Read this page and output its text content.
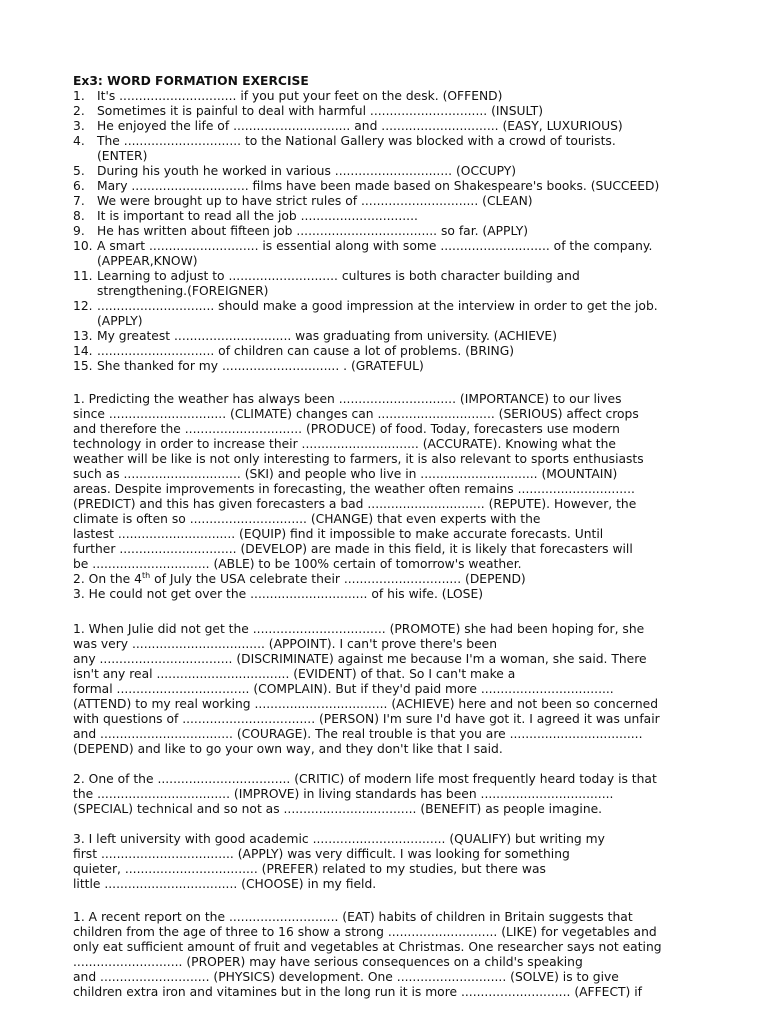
Ex3: WORD FORMATION EXERCISE
1. It's .............................. if you put your feet on the desk. (OFFEND)
2. Sometimes it is painful to deal with harmful .............................. (INSULT)
3. He enjoyed the life of .............................. and .............................. (EASY, LUXURIOUS)
4. The .............................. to the National Gallery was blocked with a crowd of tourists.
(ENTER)
5. During his youth he worked in various .............................. (OCCUPY)
6. Mary .............................. films have been made based on Shakespeare's books. (SUCCEED)
7. We were brought up to have strict rules of .............................. (CLEAN)
8. It is important to read all the job ..............................
9. He has written about fifteen job .................................... so far. (APPLY)
10. A smart ............................ is essential along with some ............................ of the company.
(APPEAR,KNOW)
11. Learning to adjust to ............................ cultures is both character building and
strengthening.(FOREIGNER)
12. .............................. should make a good impression at the interview in order to get the job.
(APPLY)
13. My greatest .............................. was graduating from university. (ACHIEVE)
14. .............................. of children can cause a lot of problems. (BRING)
15. She thanked for my .............................. . (GRATEFUL)
1. Predicting the weather has always been .............................. (IMPORTANCE) to our lives
since .............................. (CLIMATE) changes can .............................. (SERIOUS) affect crops
and therefore the .............................. (PRODUCE) of food. Today, forecasters use modern
technology in order to increase their .............................. (ACCURATE). Knowing what the
weather will be like is not only interesting to farmers, it is also relevant to sports enthusiasts
such as .............................. (SKI) and people who live in .............................. (MOUNTAIN)
areas. Despite improvements in forecasting, the weather often remains ..............................
(PREDICT) and this has given forecasters a bad .............................. (REPUTE). However, the
climate is often so .............................. (CHANGE) that even experts with the
lastest .............................. (EQUIP) find it impossible to make accurate forecasts. Until
further .............................. (DEVELOP) are made in this field, it is likely that forecasters will
be .............................. (ABLE) to be 100% certain of tomorrow's weather.
2. On the 4th of July the USA celebrate their .............................. (DEPEND)
3. He could not get over the .............................. of his wife. (LOSE)
1. When Julie did not get the .................................. (PROMOTE) she had been hoping for, she
was very .................................. (APPOINT). I can't prove there's been
any .................................. (DISCRIMINATE) against me because I'm a woman, she said. There
isn't any real .................................. (EVIDENT) of that. So I can't make a
formal .................................. (COMPLAIN). But if they'd paid more ..................................
(ATTEND) to my real working .................................. (ACHIEVE) here and not been so concerned
with questions of .................................. (PERSON) I'm sure I'd have got it. I agreed it was unfair
and .................................. (COURAGE). The real trouble is that you are ..................................
(DEPEND) and like to go your own way, and they don't like that I said.
2. One of the .................................. (CRITIC) of modern life most frequently heard today is that
the .................................. (IMPROVE) in living standards has been ..................................
(SPECIAL) technical and so not as .................................. (BENEFIT) as people imagine.
3. I left university with good academic .................................. (QUALIFY) but writing my
first .................................. (APPLY) was very difficult. I was looking for something
quieter, .................................. (PREFER) related to my studies, but there was
little .................................. (CHOOSE) in my field.
1. A recent report on the ............................ (EAT) habits of children in Britain suggests that
children from the age of three to 16 show a strong ............................ (LIKE) for vegetables and
only eat sufficient amount of fruit and vegetables at Christmas. One researcher says not eating
............................ (PROPER) may have serious consequences on a child's speaking
and ............................ (PHYSICS) development. One ............................ (SOLVE) is to give
children extra iron and vitamines but in the long run it is more ............................ (AFFECT) if
